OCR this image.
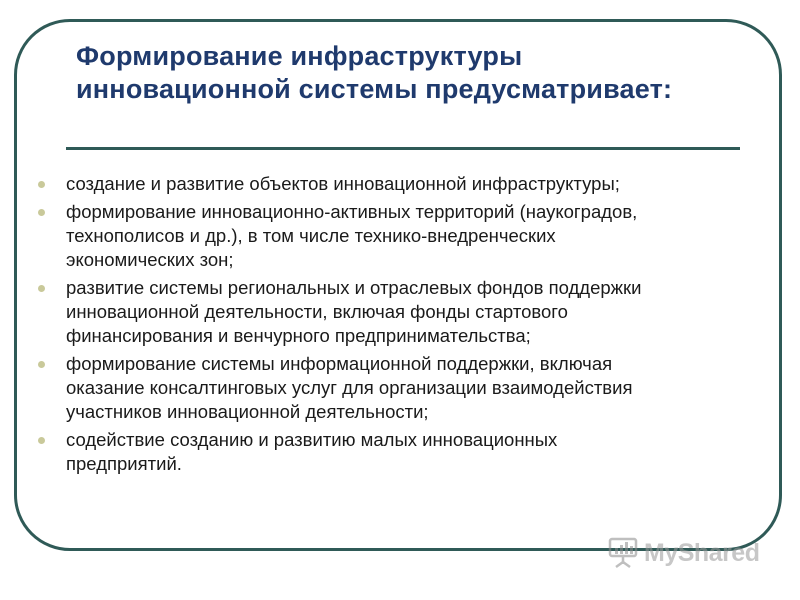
Формирование инфраструктуры
инновационной системы предусматривает:
создание и развитие объектов инновационной инфраструктуры;
формирование инновационно-активных территорий (наукоградов,
технополисов и др.), в том числе технико-внедренческих
экономических зон;
развитие системы региональных и отраслевых фондов поддержки
инновационной деятельности, включая фонды стартового
финансирования и венчурного предпринимательства;
формирование системы информационной поддержки, включая
оказание консалтинговых услуг для организации взаимодействия
участников инновационной деятельности;
содействие созданию и развитию малых инновационных
предприятий.
MyShared
